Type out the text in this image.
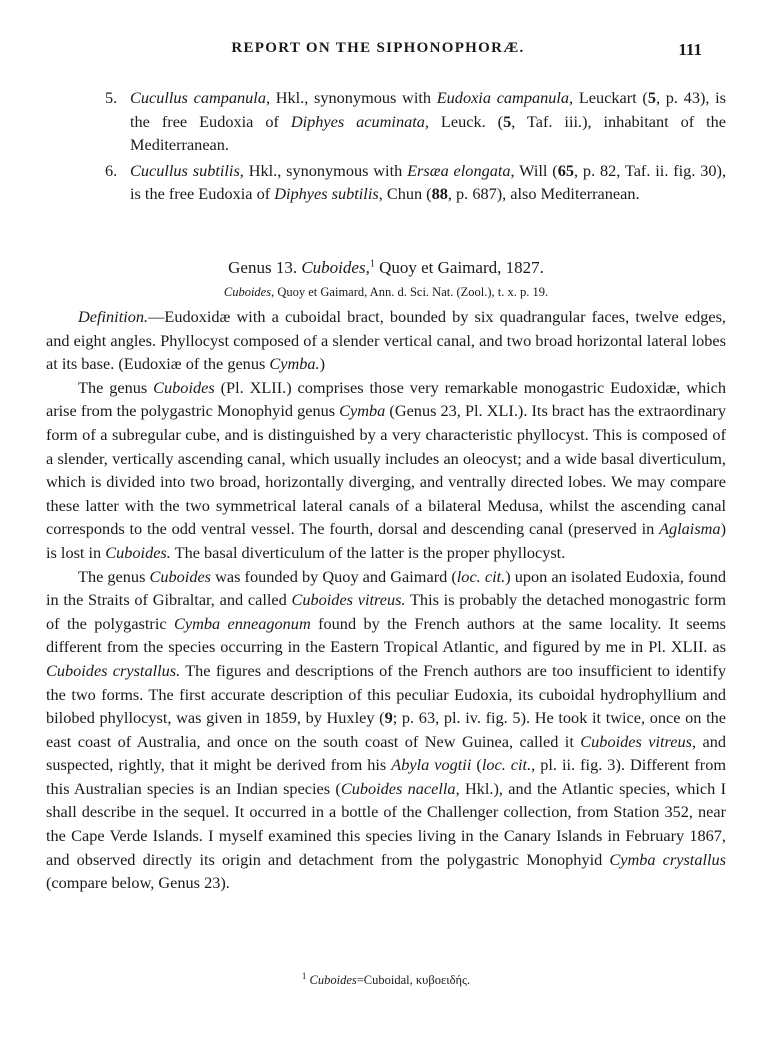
REPORT ON THE SIPHONOPHORÆ.	111

5. Cucullus campanula, Hkl., synonymous with Eudoxia campanula, Leuckart (5, p. 43), is the free Eudoxia of Diphyes acuminata, Leuck. (5, Taf. iii.), inhabitant of the Mediterranean.

6. Cucullus subtilis, Hkl., synonymous with Ersæa elongata, Will (65, p. 82, Taf. ii. fig. 30), is the free Eudoxia of Diphyes subtilis, Chun (88, p. 687), also Mediterranean.

Genus 13. Cuboides,$^1$ Quoy et Gaimard, 1827.
Cuboides, Quoy et Gaimard, Ann. d. Sci. Nat. (Zool.), t. x. p. 19.

Definition.—Eudoxidæ with a cuboidal bract, bounded by six quadrangular faces, twelve edges, and eight angles. Phyllocyst composed of a slender vertical canal, and two broad horizontal lateral lobes at its base. (Eudoxiæ of the genus Cymba.)

The genus Cuboides (Pl. XLII.) comprises those very remarkable monogastric Eudoxidæ, which arise from the polygastric Monophyid genus Cymba (Genus 23, Pl. XLI.). Its bract has the extraordinary form of a subregular cube, and is distinguished by a very characteristic phyllocyst. This is composed of a slender, vertically ascending canal, which usually includes an oleocyst; and a wide basal diverticulum, which is divided into two broad, horizontally diverging, and ventrally directed lobes. We may compare these latter with the two symmetrical lateral canals of a bilateral Medusa, whilst the ascending canal corresponds to the odd ventral vessel. The fourth, dorsal and descending canal (preserved in Aglaisma) is lost in Cuboides. The basal diverticulum of the latter is the proper phyllocyst.

The genus Cuboides was founded by Quoy and Gaimard (loc. cit.) upon an isolated Eudoxia, found in the Straits of Gibraltar, and called Cuboides vitreus. This is probably the detached monogastric form of the polygastric Cymba enneagonum found by the French authors at the same locality. It seems different from the species occurring in the Eastern Tropical Atlantic, and figured by me in Pl. XLII. as Cuboides crystallus. The figures and descriptions of the French authors are too insufficient to identify the two forms. The first accurate description of this peculiar Eudoxia, its cuboidal hydrophyllium and bilobed phyllocyst, was given in 1859, by Huxley (9; p. 63, pl. iv. fig. 5). He took it twice, once on the east coast of Australia, and once on the south coast of New Guinea, called it Cuboides vitreus, and suspected, rightly, that it might be derived from his Abyla vogtii (loc. cit., pl. ii. fig. 3). Different from this Australian species is an Indian species (Cuboides nacella, Hkl.), and the Atlantic species, which I shall describe in the sequel. It occurred in a bottle of the Challenger collection, from Station 352, near the Cape Verde Islands. I myself examined this species living in the Canary Islands in February 1867, and observed directly its origin and detachment from the polygastric Monophyid Cymba crystallus (compare below, Genus 23).

$^1$ Cuboides=Cuboidal, κυβοειδής.
